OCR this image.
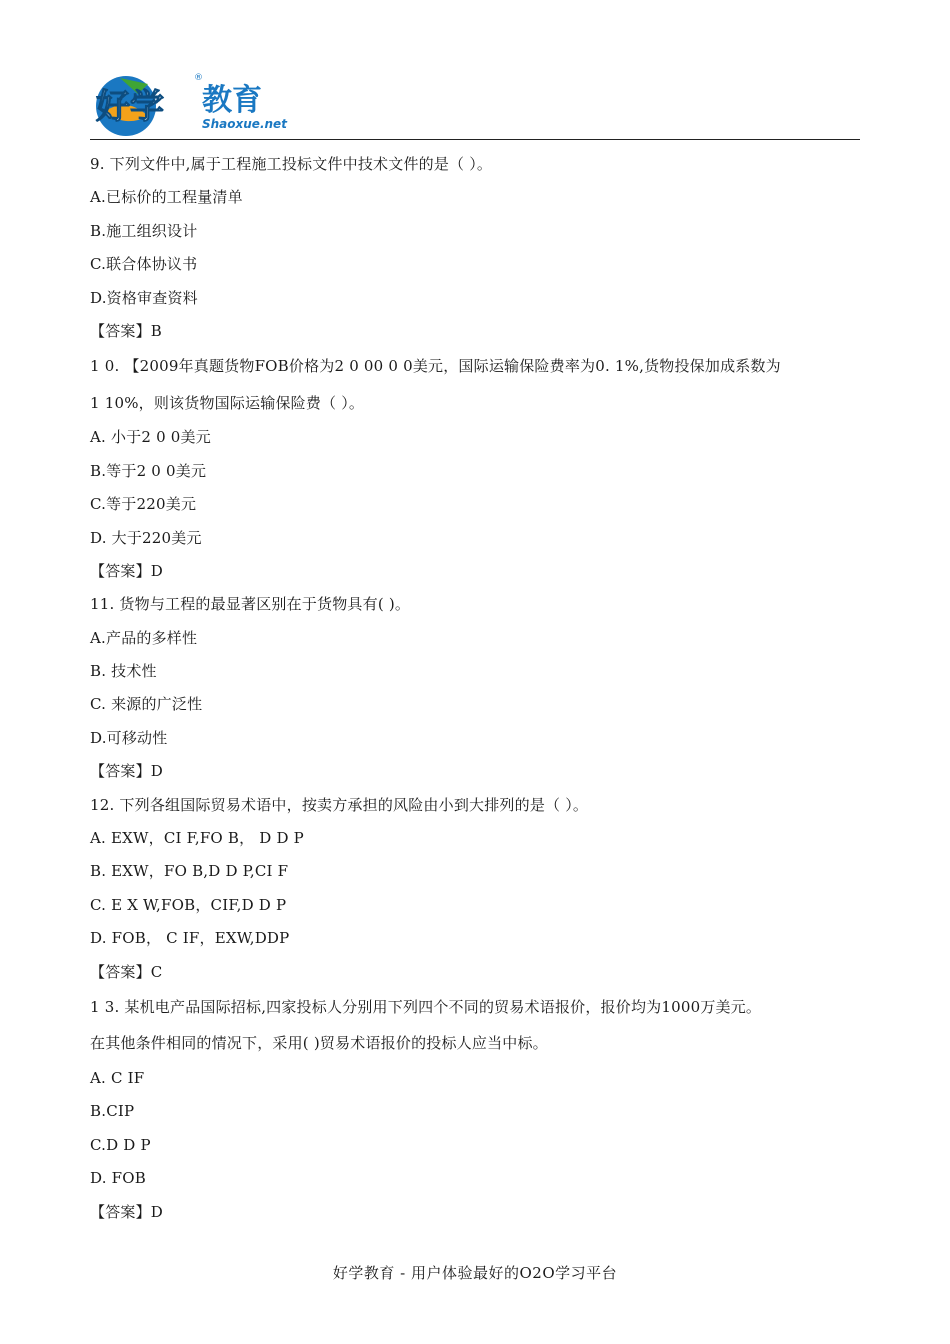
好学 教育
Shaoxue.net
®
9. 下列文件中,属于工程施工投标文件中技术文件的是（ ）。
A.已标价的工程量清单
B.施工组织设计
C.联合体协议书
D.资格审查资料
【答案】B
1 0. 【2009年真题货物FOB价格为2 0 00 0 0美元，国际运输保险费率为0. 1%,货物投保加成系数为
1 10%，则该货物国际运输保险费（ ）。
A. 小于2 0 0美元
B.等于2 0 0美元
C.等于220美元
D. 大于220美元
【答案】D
11. 货物与工程的最显著区别在于货物具有( )。
A.产品的多样性
B. 技术性
C. 来源的广泛性
D.可移动性
【答案】D
12. 下列各组国际贸易术语中，按卖方承担的风险由小到大排列的是（ ）。
A. EXW，CI F,FO B， D D P
B. EXW，FO B,D D P,CI F
C. E X W,FOB，CIF,D D P
D. FOB， C IF，EXW,DDP
【答案】C
1 3. 某机电产品国际招标,四家投标人分别用下列四个不同的贸易术语报价，报价均为1000万美元。
在其他条件相同的情况下，采用( )贸易术语报价的投标人应当中标。
A. C IF
B.CIP
C.D D P
D. FOB
【答案】D
好学教育 - 用户体验最好的O2O学习平台
